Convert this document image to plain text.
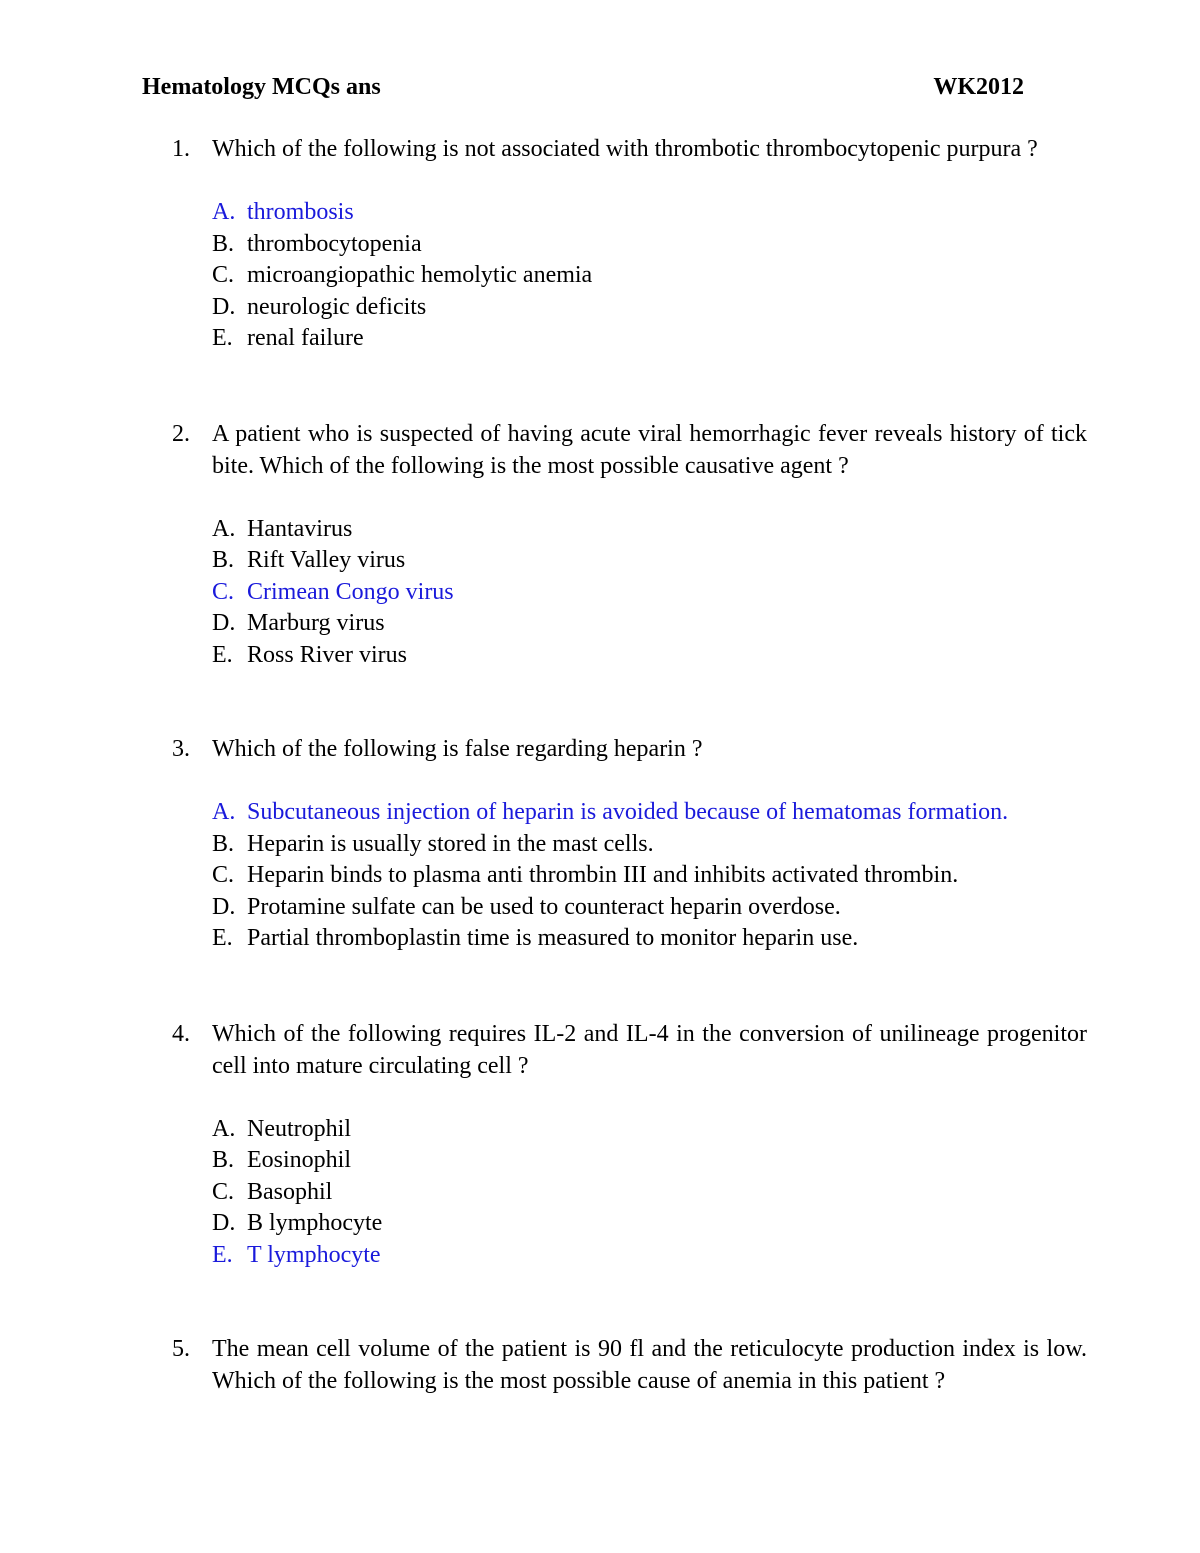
Hematology MCQs ans	WK2012
1. Which of the following is not associated with thrombotic thrombocytopenic purpura ?
A. thrombosis
B. thrombocytopenia
C. microangiopathic hemolytic anemia
D. neurologic deficits
E. renal failure
2. A patient who is suspected of having acute viral hemorrhagic fever reveals history of tick bite. Which of the following is the most possible causative agent ?
A. Hantavirus
B. Rift Valley virus
C. Crimean Congo virus
D. Marburg virus
E. Ross River virus
3. Which of the following is false regarding heparin ?
A. Subcutaneous injection of heparin is avoided because of hematomas formation.
B. Heparin is usually stored in the mast cells.
C. Heparin binds to plasma anti thrombin III and inhibits activated thrombin.
D. Protamine sulfate can be used to counteract heparin overdose.
E. Partial thromboplastin time is measured to monitor heparin use.
4. Which of the following requires IL-2 and IL-4 in the conversion of unilineage progenitor cell into mature circulating cell ?
A. Neutrophil
B. Eosinophil
C. Basophil
D. B lymphocyte
E. T lymphocyte
5. The mean cell volume of the patient is 90 fl and the reticulocyte production index is low. Which of the following is the most possible cause of anemia in this patient ?
